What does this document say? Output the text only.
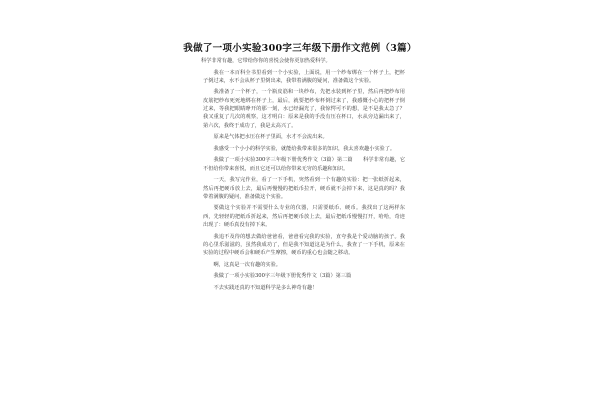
我做了一项小实验300字三年级下册作文范例（3篇）

科学非常有趣，它带给你你的喜悦会使你更加热爱科学。

我在一本百科全书里看到一个小实验，上面说，用一个纱布绑在一个杯子上，把杯子倒过来，水不会从杯子里倒出来，我带着满腹的疑问，准备做这个实验。

我准备了一个杯子，一个瓶皮筋和一块纱布，先把水装到杯子里，然后再把纱布用皮筋把纱布死死地绑在杯子上，最后，就要把纱布杯倒过来了，我感慨小心的把杯子倒过来，等我把眼睛睁开的那一刻，水已经漏光了，我惊愕可不的想，是不是我太急了？我又重复了几次的观察，这才明白：原来是我的手没有压在杯口，水从旁边漏出来了，第六次，我终于成功了，我是太高兴了。

原来是气体把水压在杯子里面，水才不会流出来。

我感受一个小小的科学实验，就能给我带来很多的知识，我太喜欢趣小实验了。

我做了一项小实验300字三年级下册优秀作文（3篇）第二篇　　科学非常有趣，它不但给你带来喜悦，而且它还可以给你带来无穷的乐趣和知识。

一天，我写完作业，看了一下手机，突然看到一个有趣的实验：把一张纸折起来，然后再把硬币放上去，最后再慢慢的把纸币拉开，硬币就不会掉下来，这是真的吗？我带着满腹的疑问，准备做这个实验。

要做这个实验并不需要什么专业的仪器，只需要纸币、硬币。我找出了这两样东西，先轻轻的把纸币折起来，然后再把硬币放上去，最后把纸币慢慢打开，哈哈，奇迹出现了：硬币真没有掉下来。

我追不及待的想去做给爸爸看，爸爸看完我的实验，直夸我是个爱动脑的孩子。我的心里乐滋滋的，虽然我成功了，但是我不知道这是为什么，我查了一下手机，原来在实验的过程中硬币会和硬币产生摩擦，硬币的重心也会随之移动。

啊，这真是一次有趣的实验。

我做了一项小实验300字三年级下册优秀作文（3篇）第三篇

不去实践还真的不知道科学是多么神奇有趣！
